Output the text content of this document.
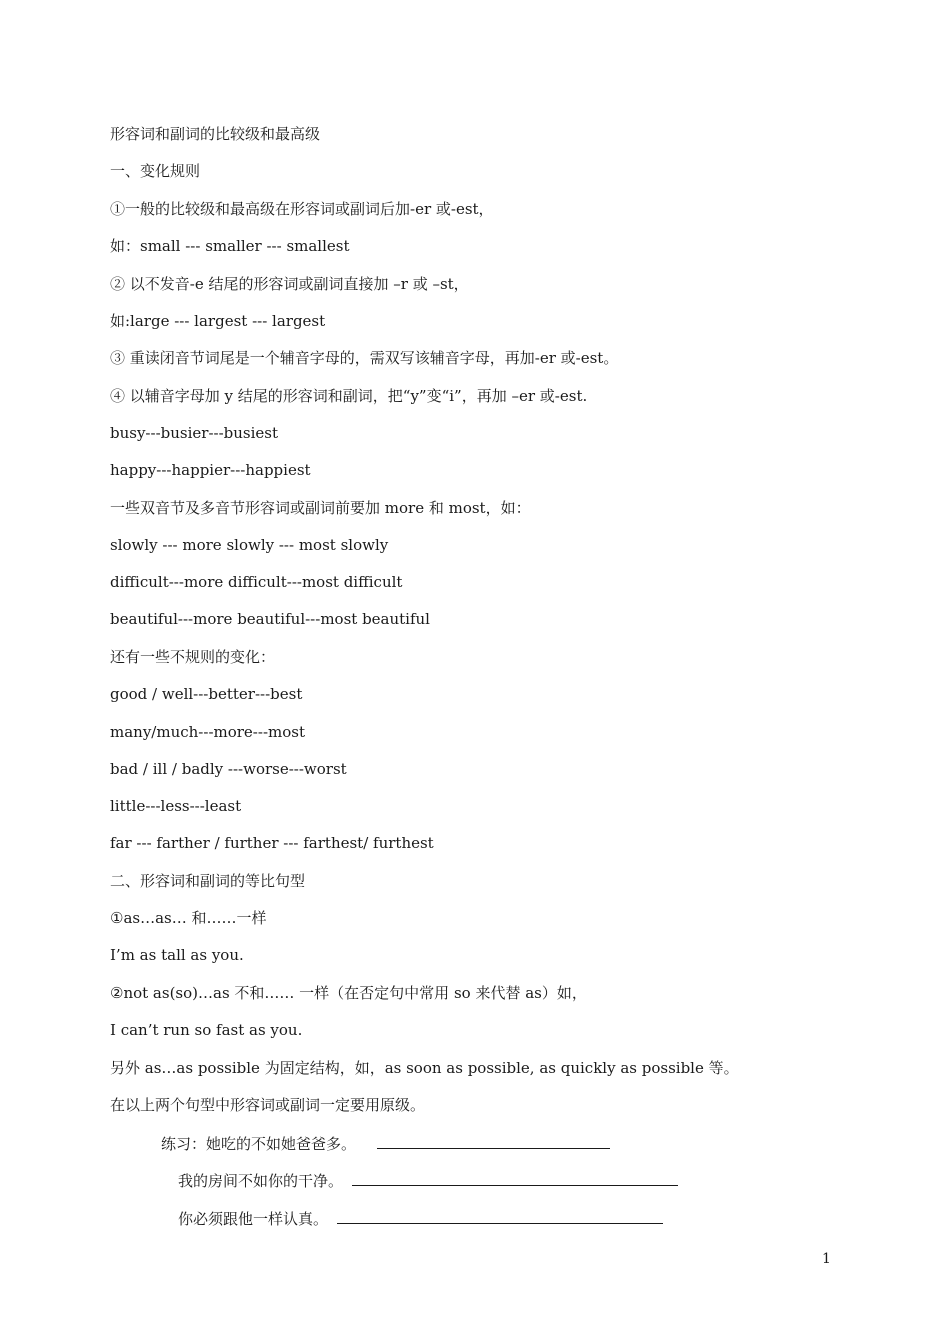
形容词和副词的比较级和最高级
一、变化规则
①一般的比较级和最高级在形容词或副词后加-er 或-est，
如：small --- smaller --- smallest
② 以不发音-e 结尾的形容词或副词直接加 –r 或 –st，
如:large --- largest --- largest
③ 重读闭音节词尾是一个辅音字母的，需双写该辅音字母，再加-er 或-est。
④ 以辅音字母加 y 结尾的形容词和副词，把“y”变“i”，再加 –er 或-est.
busy---busier---busiest
happy---happier---happiest
一些双音节及多音节形容词或副词前要加 more 和 most，如：
slowly --- more slowly --- most slowly
difficult---more difficult---most difficult
beautiful---more beautiful---most beautiful
还有一些不规则的变化：
good / well---better---best
many/much---more---most
bad / ill / badly ---worse---worst
little---less---least
far --- farther / further --- farthest/ furthest
二、形容词和副词的等比句型
①as…as… 和……一样
I’m as tall as you.
②not as(so)…as 不和…… 一样（在否定句中常用 so 来代替 as）如，
I can’t run so fast as you.
另外 as…as possible 为固定结构，如，as soon as possible, as quickly as possible 等。
在以上两个句型中形容词或副词一定要用原级。
练习：她吃的不如她爸爸多。
我的房间不如你的干净。
你必须跟他一样认真。
1
